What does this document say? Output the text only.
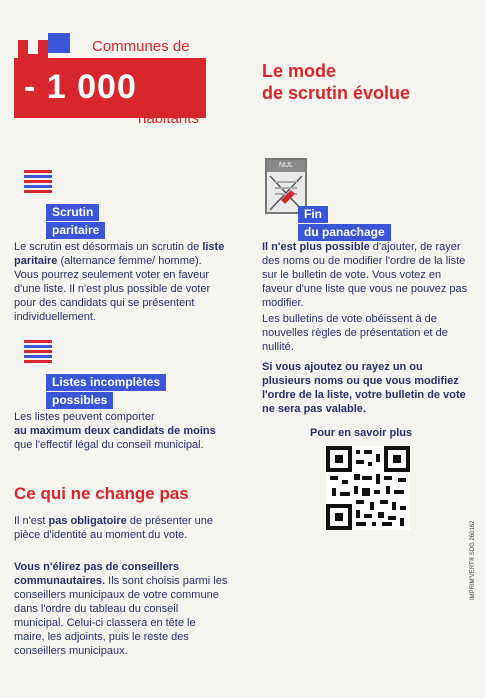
Communes de
- 1 000
habitants
Le mode
de scrutin évolue
Scrutin
paritaire
Le scrutin est désormais un scrutin de liste paritaire (alternance femme/ homme). Vous pourrez seulement voter en faveur d'une liste. Il n'est plus possible de voter pour des candidats qui se présentent individuellement.
Listes incomplètes
possibles
Les listes peuvent comporter
au maximum deux candidats de moins
que l'effectif légal du conseil municipal.
Ce qui ne change pas
Il n'est pas obligatoire de présenter une pièce d'identité au moment du vote.
Vous n'élirez pas de conseillers communautaires. Ils sont choisis parmi les conseillers municipaux de votre commune dans l'ordre du tableau du conseil municipal. Celui-ci classera en tête le maire, les adjoints, puis le reste des conseillers municipaux.
NUL
Fin
du panachage
Il n'est plus possible d'ajouter, de rayer des noms ou de modifier l'ordre de la liste sur le bulletin de vote. Vous votez en faveur d'une liste que vous ne pouvez pas modifier.
Les bulletins de vote obéissent à de nouvelles règles de présentation et de nullité.
Si vous ajoutez ou rayez un ou plusieurs noms ou que vous modifiez l'ordre de la liste, votre bulletin de vote ne sera pas valable.
Pour en savoir plus
IMPRIM'VERT® SDG 260162
